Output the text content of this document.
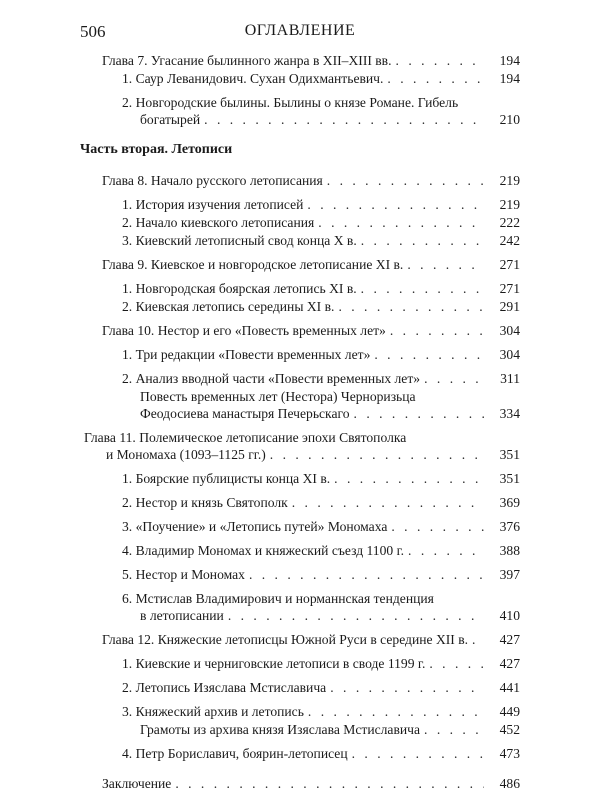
506	ОГЛАВЛЕНИЕ
Глава 7. Угасание былинного жанра в XII–XIII вв. . . .	194
1. Саур Леванидович. Сухан Одихмантьевич. . . .	194
2. Новгородские былины. Былины о князе Романе. Гибель
богатырей . . .	210
Часть вторая. Летописи
Глава 8. Начало русского летописания . . .	219
1. История изучения летописей . . .	219
2. Начало киевского летописания . . .	222
3. Киевский летописный свод конца X в. . . .	242
Глава 9. Киевское и новгородское летописание XI в. . . .	271
1. Новгородская боярская летопись XI в. . . .	271
2. Киевская летопись середины XI в. . . .	291
Глава 10. Нестор и его «Повесть временных лет» . . .	304
1. Три редакции «Повести временных лет» . . .	304
2. Анализ вводной части «Повести временных лет» . . .	311
Повесть временных лет (Нестора) Черноризьца
Феодосиева манастыря Печерьскаго . . .	334
Глава 11. Полемическое летописание эпохи Святополка
и Мономаха (1093–1125 гг.) . . .	351
1. Боярские публицисты конца XI в. . . .	351
2. Нестор и князь Святополк . . .	369
3. «Поучение» и «Летопись путей» Мономаха . . .	376
4. Владимир Мономах и княжеский съезд 1100 г. . . .	388
5. Нестор и Мономах . . .	397
6. Мстислав Владимирович и норманнская тенденция
в летописании . . .	410
Глава 12. Княжеские летописцы Южной Руси в середине XII в. . . .	427
1. Киевские и черниговские летописи в своде 1199 г. . . .	427
2. Летопись Изяслава Мстиславича . . .	441
3. Княжеский архив и летопись . . .	449
Грамоты из архива князя Изяслава Мстиславича . . .	452
4. Петр Бориславич, боярин-летописец . . .	473
Заключение . . .	486
